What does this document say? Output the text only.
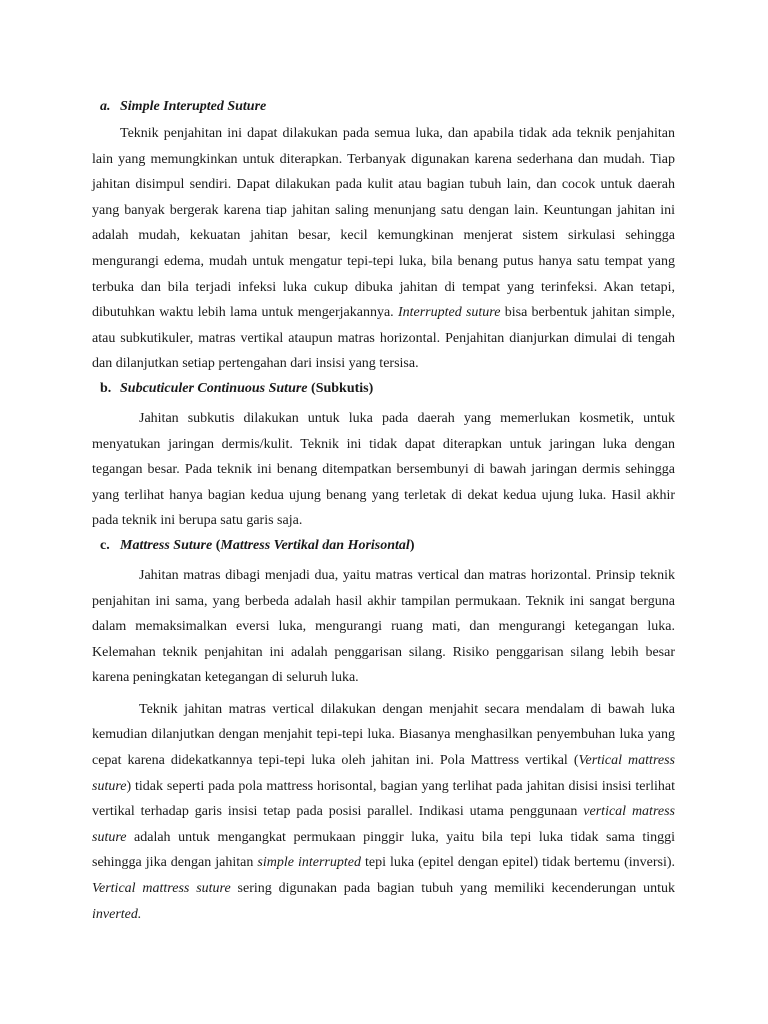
a. Simple Interupted Suture

Teknik penjahitan ini dapat dilakukan pada semua luka, dan apabila tidak ada teknik penjahitan lain yang memungkinkan untuk diterapkan. Terbanyak digunakan karena sederhana dan mudah. Tiap jahitan disimpul sendiri. Dapat dilakukan pada kulit atau bagian tubuh lain, dan cocok untuk daerah yang banyak bergerak karena tiap jahitan saling menunjang satu dengan lain. Keuntungan jahitan ini adalah mudah, kekuatan jahitan besar, kecil kemungkinan menjerat sistem sirkulasi sehingga mengurangi edema, mudah untuk mengatur tepi-tepi luka, bila benang putus hanya satu tempat yang terbuka dan bila terjadi infeksi luka cukup dibuka jahitan di tempat yang terinfeksi. Akan tetapi, dibutuhkan waktu lebih lama untuk mengerjakannya. Interrupted suture bisa berbentuk jahitan simple, atau subkutikuler, matras vertikal ataupun matras horizontal. Penjahitan dianjurkan dimulai di tengah dan dilanjutkan setiap pertengahan dari insisi yang tersisa.

b. Subcuticuler Continuous Suture (Subkutis)

Jahitan subkutis dilakukan untuk luka pada daerah yang memerlukan kosmetik, untuk menyatukan jaringan dermis/kulit. Teknik ini tidak dapat diterapkan untuk jaringan luka dengan tegangan besar. Pada teknik ini benang ditempatkan bersembunyi di bawah jaringan dermis sehingga yang terlihat hanya bagian kedua ujung benang yang terletak di dekat kedua ujung luka. Hasil akhir pada teknik ini berupa satu garis saja.

c. Mattress Suture (Mattress Vertikal dan Horisontal)

Jahitan matras dibagi menjadi dua, yaitu matras vertical dan matras horizontal. Prinsip teknik penjahitan ini sama, yang berbeda adalah hasil akhir tampilan permukaan. Teknik ini sangat berguna dalam memaksimalkan eversi luka, mengurangi ruang mati, dan mengurangi ketegangan luka. Kelemahan teknik penjahitan ini adalah penggarisan silang. Risiko penggarisan silang lebih besar karena peningkatan ketegangan di seluruh luka.

Teknik jahitan matras vertical dilakukan dengan menjahit secara mendalam di bawah luka kemudian dilanjutkan dengan menjahit tepi-tepi luka. Biasanya menghasilkan penyembuhan luka yang cepat karena didekatkannya tepi-tepi luka oleh jahitan ini. Pola Mattress vertikal (Vertical mattress suture) tidak seperti pada pola mattress horisontal, bagian yang terlihat pada jahitan disisi insisi terlihat vertikal terhadap garis insisi tetap pada posisi parallel. Indikasi utama penggunaan vertical matress suture adalah untuk mengangkat permukaan pinggir luka, yaitu bila tepi luka tidak sama tinggi sehingga jika dengan jahitan simple interrupted tepi luka (epitel dengan epitel) tidak bertemu (inversi). Vertical mattress suture sering digunakan pada bagian tubuh yang memiliki kecenderungan untuk inverted.
